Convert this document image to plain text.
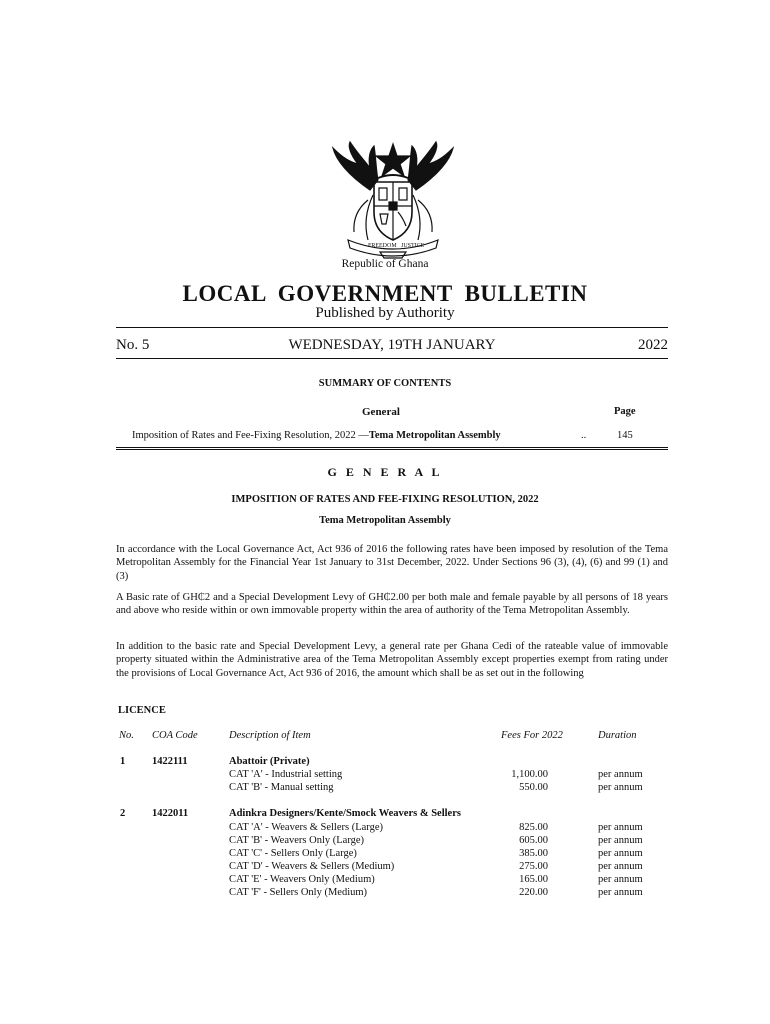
FREEDOM JUSTICE
Republic of Ghana
LOCAL GOVERNMENT BULLETIN
Published by Authority
No. 5	WEDNESDAY, 19TH JANUARY	2022
SUMMARY OF CONTENTS
General	Page
Imposition of Rates and Fee-Fixing Resolution, 2022 —Tema Metropolitan Assembly	..	145
G E N E R A L
IMPOSITION OF RATES AND FEE-FIXING RESOLUTION, 2022
Tema Metropolitan Assembly
In accordance with the Local Governance Act, Act 936 of 2016 the following rates have been imposed by resolution of the Tema Metropolitan Assembly for the Financial Year 1st January to 31st December, 2022. Under Sections 96 (3), (4), (6) and 99 (1) and (3)
A Basic rate of GH₵2 and a Special Development Levy of GH₵2.00 per both male and female payable by all persons of 18 years and above who reside within or own immovable property within the area of authority of the Tema Metropolitan Assembly.
In addition to the basic rate and Special Development Levy, a general rate per Ghana Cedi of the rateable value of immovable property situated within the Administrative area of the Tema Metropolitan Assembly except properties exempt from rating under the provisions of Local Governance Act, Act 936 of 2016, the amount which shall be as set out in the following
LICENCE
No. COA Code	Description of Item	Fees For 2022	Duration
1	1422111	Abattoir (Private)
CAT 'A' - Industrial setting	1,100.00	per annum
CAT 'B' - Manual setting	550.00	per annum
2	1422011	Adinkra Designers/Kente/Smock Weavers & Sellers
CAT 'A' - Weavers & Sellers (Large)	825.00	per annum
CAT 'B' - Weavers Only (Large)	605.00	per annum
CAT 'C' - Sellers Only (Large)	385.00	per annum
CAT 'D' - Weavers & Sellers (Medium)	275.00	per annum
CAT 'E' - Weavers Only (Medium)	165.00	per annum
CAT 'F' - Sellers Only (Medium)	220.00	per annum
